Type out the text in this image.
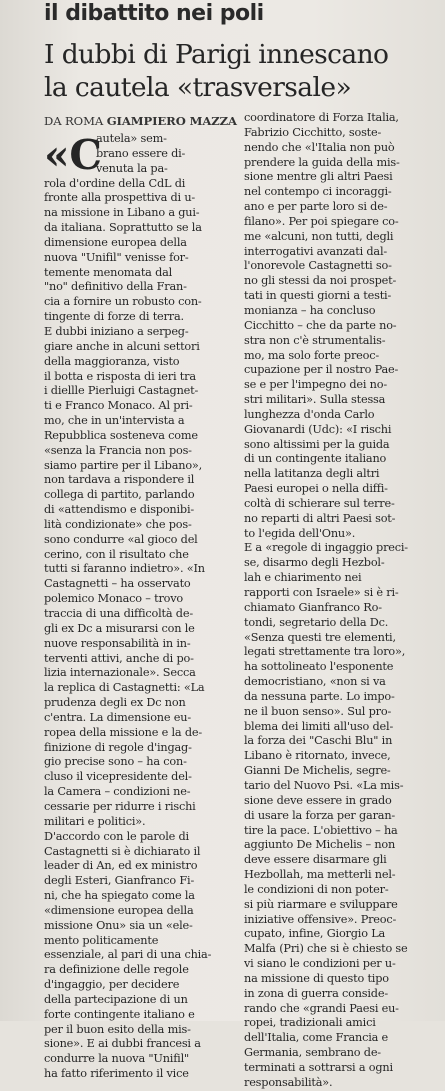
il dibattito nei poli
I dubbi di Parigi innescano
la cautela «trasversale»
DA ROMA GIAMPIERO MAZZA
«C
autela» sem-
brano essere di-
venuta la pa-
rola d'ordine della CdL di
fronte alla prospettiva di u-
na missione in Libano a gui-
da italiana. Soprattutto se la
dimensione europea della
nuova "Unifil" venisse for-
temente menomata dal
"no" definitivo della Fran-
cia a fornire un robusto con-
tingente di forze di terra.
E dubbi iniziano a serpeg-
giare anche in alcuni settori
della maggioranza, visto
il botta e risposta di ieri tra
i diellle Pierluigi Castagnet-
ti e Franco Monaco. Al pri-
mo, che in un'intervista a
Repubblica sosteneva come
«senza la Francia non pos-
siamo partire per il Libano»,
non tardava a rispondere il
collega di partito, parlando
di «attendismo e disponibi-
lità condizionate» che pos-
sono condurre «al gioco del
cerino, con il risultato che
tutti si faranno indietro». «In
Castagnetti – ha osservato
polemico Monaco – trovo
traccia di una difficoltà de-
gli ex Dc a misurarsi con le
nuove responsabilità in in-
terventi attivi, anche di po-
lizia internazionale». Secca
la replica di Castagnetti: «La
prudenza degli ex Dc non
c'entra. La dimensione eu-
ropea della missione e la de-
finizione di regole d'ingag-
gio precise sono – ha con-
cluso il vicepresidente del-
la Camera – condizioni ne-
cessarie per ridurre i rischi
militari e politici».
D'accordo con le parole di
Castagnetti si è dichiarato il
leader di An, ed ex ministro
degli Esteri, Gianfranco Fi-
ni, che ha spiegato come la
«dimensione europea della
missione Onu» sia un «ele-
mento politicamente
essenziale, al pari di una chia-
ra definizione delle regole
d'ingaggio, per decidere
della partecipazione di un
forte contingente italiano e
per il buon esito della mis-
sione». E ai dubbi francesi a
condurre la nuova "Unifil"
ha fatto riferimento il vice
coordinatore di Forza Italia,
Fabrizio Cicchitto, soste-
nendo che «l'Italia non può
prendere la guida della mis-
sione mentre gli altri Paesi
nel contempo ci incoraggi-
ano e per parte loro si de-
filano». Per poi spiegare co-
me «alcuni, non tutti, degli
interrogativi avanzati dal-
l'onorevole Castagnetti so-
no gli stessi da noi prospet-
tati in questi giorni a testi-
monianza – ha concluso
Cicchitto – che da parte no-
stra non c'è strumentalis-
mo, ma solo forte preoc-
cupazione per il nostro Pae-
se e per l'impegno dei no-
stri militari». Sulla stessa
lunghezza d'onda Carlo
Giovanardi (Udc): «I rischi
sono altissimi per la guida
di un contingente italiano
nella latitanza degli altri
Paesi europei o nella diffi-
coltà di schierare sul terre-
no reparti di altri Paesi sot-
to l'egida dell'Onu».
E a «regole di ingaggio preci-
se, disarmo degli Hezbol-
lah e chiarimento nei
rapporti con Israele» si è ri-
chiamato Gianfranco Ro-
tondi, segretario della Dc.
«Senza questi tre elementi,
legati strettamente tra loro»,
ha sottolineato l'esponente
democristiano, «non si va
da nessuna parte. Lo impo-
ne il buon senso». Sul pro-
blema dei limiti all'uso del-
la forza dei "Caschi Blu" in
Libano è ritornato, invece,
Gianni De Michelis, segre-
tario del Nuovo Psi. «La mis-
sione deve essere in grado
di usare la forza per garan-
tire la pace. L'obiettivo – ha
aggiunto De Michelis – non
deve essere disarmare gli
Hezbollah, ma metterli nel-
le condizioni di non poter-
si più riarmare e sviluppare
iniziative offensive». Preoc-
cupato, infine, Giorgio La
Malfa (Pri) che si è chiesto se
vi siano le condizioni per u-
na missione di questo tipo
in zona di guerra conside-
rando che «grandi Paesi eu-
ropei, tradizionali amici
dell'Italia, come Francia e
Germania, sembrano de-
terminati a sottrarsi a ogni
responsabilità».
